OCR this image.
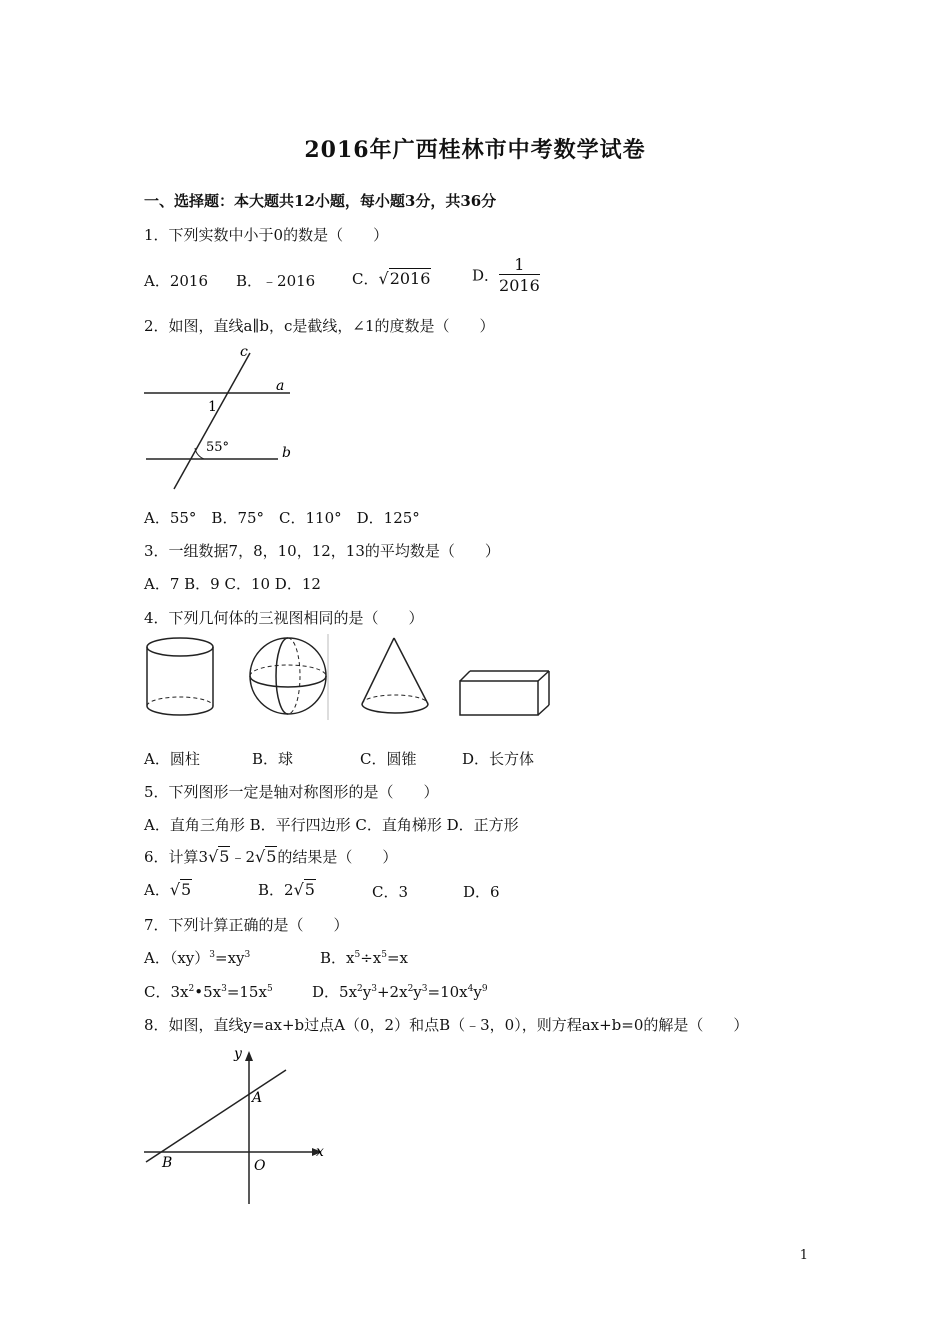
2016年广西桂林市中考数学试卷
一、选择题：本大题共12小题，每小题3分，共36分
1．下列实数中小于0的数是（　　）
A．2016 B．﹣2016 C．√2016	D． $\frac{1}{2016}$
2．如图，直线a∥b，c是截线，∠1的度数是（　　）
c
a
b
1
55°
A．55°　B．75°　C．110°　D．125°
3．一组数据7，8，10，12，13的平均数是（　　）
A．7 B．9 C．10 D．12
4．下列几何体的三视图相同的是（　　）
A．圆柱	B．球	C．圆锥	D．长方体
5．下列图形一定是轴对称图形的是（　　）
A．直角三角形 B．平行四边形 C．直角梯形 D．正方形
6．计算3√5﹣2√5的结果是（　　）
A．√5	B．2√5	C．3	D．6
7．下列计算正确的是（　　）
A．$(xy)^3=xy^3$	B．$x^5\div x^5=x$
C．$3x^2•5x^3=15x^5$	D．$5x^2y^3+2x^2y^3=10x^4y^9$
8．如图，直线y=ax+b过点A（0，2）和点B（﹣3，0），则方程ax+b=0的解是（　　）
y
x
A
B	O
1
